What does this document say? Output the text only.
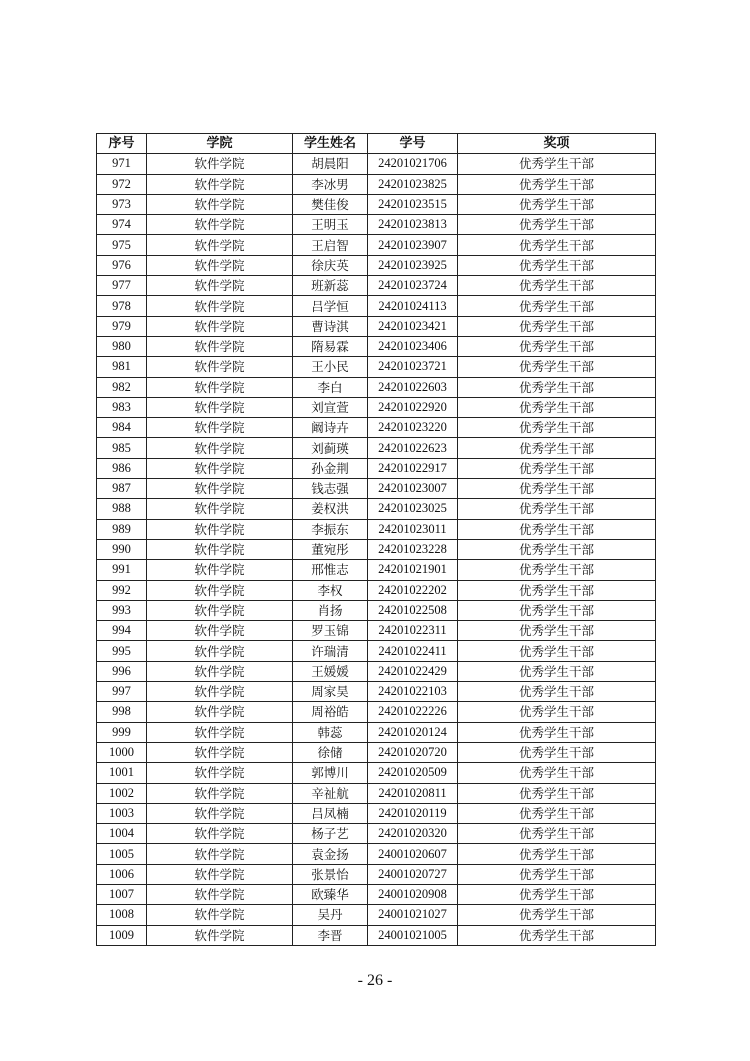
序号	学院	学生姓名	学号	奖项
971	软件学院	胡晨阳	24201021706	优秀学生干部
972	软件学院	李冰男	24201023825	优秀学生干部
973	软件学院	樊佳俊	24201023515	优秀学生干部
974	软件学院	王明玉	24201023813	优秀学生干部
975	软件学院	王启智	24201023907	优秀学生干部
976	软件学院	徐庆英	24201023925	优秀学生干部
977	软件学院	班新蕊	24201023724	优秀学生干部
978	软件学院	吕学恒	24201024113	优秀学生干部
979	软件学院	曹诗淇	24201023421	优秀学生干部
980	软件学院	隋易霖	24201023406	优秀学生干部
981	软件学院	王小民	24201023721	优秀学生干部
982	软件学院	李白	24201022603	优秀学生干部
983	软件学院	刘宣萱	24201022920	优秀学生干部
984	软件学院	阚诗卉	24201023220	优秀学生干部
985	软件学院	刘蓟瑛	24201022623	优秀学生干部
986	软件学院	孙金荆	24201022917	优秀学生干部
987	软件学院	钱志强	24201023007	优秀学生干部
988	软件学院	姜权洪	24201023025	优秀学生干部
989	软件学院	李振东	24201023011	优秀学生干部
990	软件学院	董宛彤	24201023228	优秀学生干部
991	软件学院	邢惟志	24201021901	优秀学生干部
992	软件学院	李权	24201022202	优秀学生干部
993	软件学院	肖扬	24201022508	优秀学生干部
994	软件学院	罗玉锦	24201022311	优秀学生干部
995	软件学院	许瑞清	24201022411	优秀学生干部
996	软件学院	王媛媛	24201022429	优秀学生干部
997	软件学院	周家昊	24201022103	优秀学生干部
998	软件学院	周裕皓	24201022226	优秀学生干部
999	软件学院	韩蕊	24201020124	优秀学生干部
1000	软件学院	徐储	24201020720	优秀学生干部
1001	软件学院	郭博川	24201020509	优秀学生干部
1002	软件学院	辛祉航	24201020811	优秀学生干部
1003	软件学院	吕凤楠	24201020119	优秀学生干部
1004	软件学院	杨子艺	24201020320	优秀学生干部
1005	软件学院	袁金扬	24001020607	优秀学生干部
1006	软件学院	张景怡	24001020727	优秀学生干部
1007	软件学院	欧臻华	24001020908	优秀学生干部
1008	软件学院	吴丹	24001021027	优秀学生干部
1009	软件学院	李晋	24001021005	优秀学生干部
- 26 -
